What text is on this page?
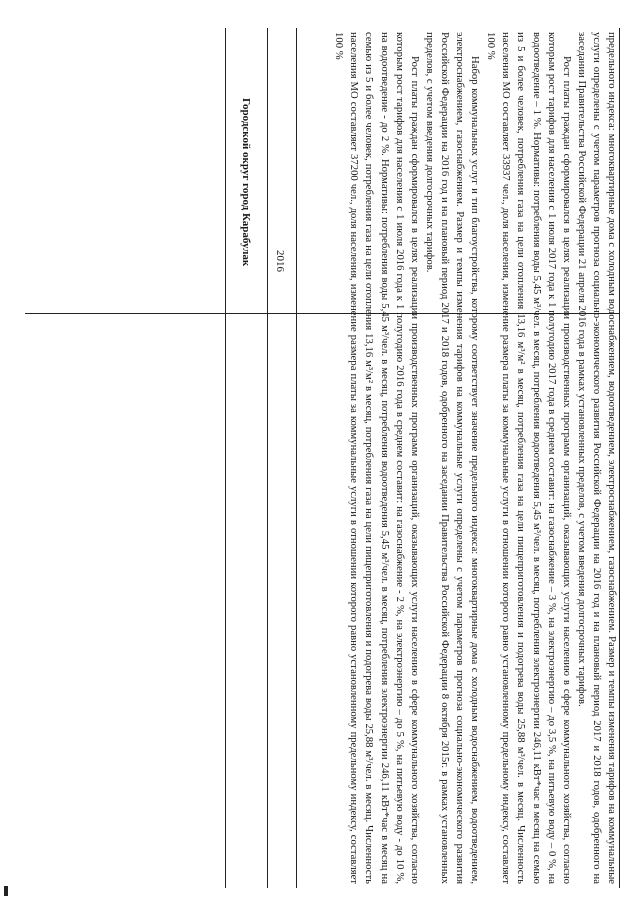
предельного индекса: многоквартирные дома с холодным водоснабжением, водоотведением, электроснабжением, газоснабжением. Размер и темпы изменения тарифов на коммунальные услуги определены с учетом параметров прогноза социально-экономического развития Российской Федерации на 2016 год и на плановый период 2017 и 2018 годов, одобренного на заседании Правительства Российской Федерации 21 апреля 2016 года в рамках установленных пределов, с учетом введения долгосрочных тарифов.

Рост платы граждан сформировался в целях реализации производственных программ организаций, оказывающих услуги населению в сфере коммунального хозяйства, согласно которым рост тарифов для населения с 1 июля 2017 года к 1 полугодию 2017 года в среднем составит: на газоснабжение – 3 %, на электроэнергию – до 3,5 %, на питьевую воду – 0 %, на водоотведение – 1 %. Нормативы: потребления воды 5,45 м³/чел. в месяц, потребления водоотведения 5,45 м³/чел. в месяц, потребления электроэнергии 246,11 кВт*час в месяц на семью из 5 и более человек, потребления газа на цели отопления 13,16 м³/м² в месяц, потребления газа на цели пищеприготовления и подогрева воды 25,88 м³/чел. в месяц. Численность населения МО составляет 33937 чел., доля населения, изменение размера платы за коммунальные услуги в отношении которого равно установленному предельному индексу, составляет 100 %

Набор коммунальных услуг и тип благоустройства, которому соответствует значение предельного индекса: многоквартирные дома с холодным водоснабжением, водоотведением, электроснабжением, газоснабжением. Размер и темпы изменения тарифов на коммунальные услуги определены с учетом параметров прогноза социально-экономического развития Российской Федерации на 2016 год и на плановый период 2017 и 2018 годов, одобренного на заседании Правительства Российской Федерации 8 октября 2015г. в рамках установленных пределов, с учетом введения долгосрочных тарифов.

Рост платы граждан сформировался в целях реализации производственных программ организаций, оказывающих услуги населению в сфере коммунального хозяйства, согласно которым рост тарифов для населения с 1 июля 2016 года к 1 полугодию 2016 года в среднем составит: на газоснабжение - 2 %, на электроэнергию – до 5 %, на питьевую воду - до 10 %, на водоотведение - до 2 %. Нормативы: потребления воды 5,45 м³/чел. в месяц, потребления водоотведения 5,45 м³/чел. в месяц, потребления электроэнергии 246,11 кВт*час в месяц на семью из 5 и более человек, потребления газа на цели отопления 13,16 м³/м² в месяц, потребления газа на цели пищеприготовления и подогрева воды 25,88 м³/чел. в месяц. Численность населения МО составляет 37200 чел., доля населения, изменение размера платы за коммунальные услуги в отношении которого равно установленному предельному индексу, составляет 100 %

2016
Городской округ город Карабулак
